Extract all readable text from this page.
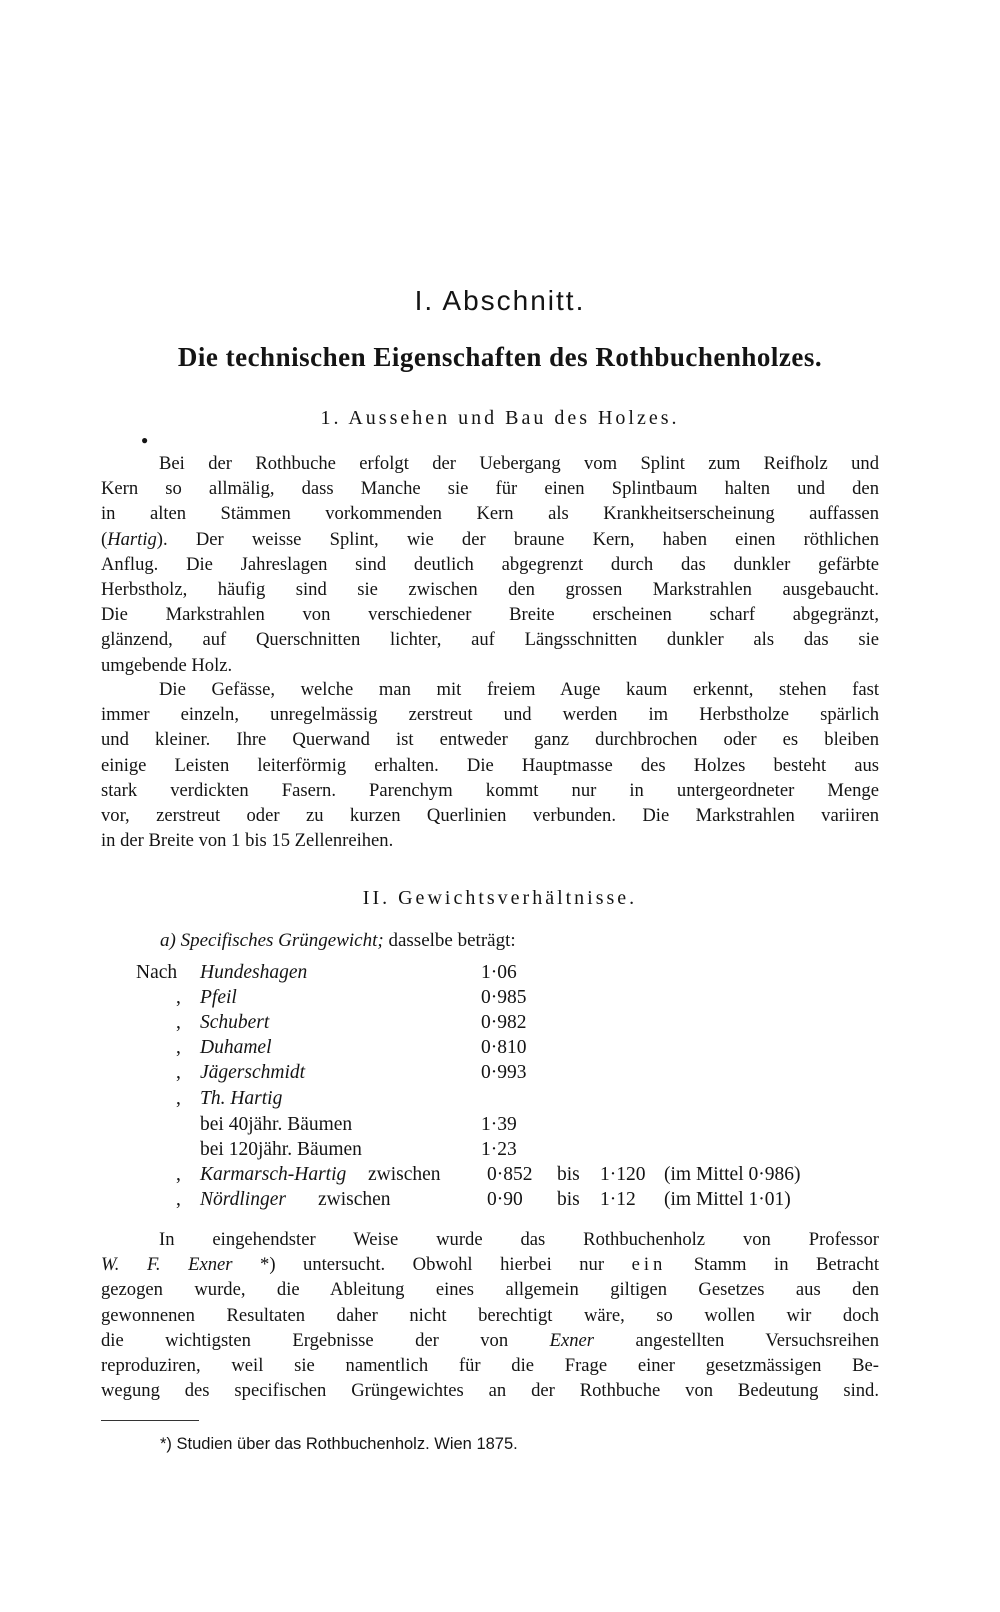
I. Abschnitt.
Die technischen Eigenschaften des Rothbuchenholzes.
1. Aussehen und Bau des Holzes.
●
Bei der Rothbuche erfolgt der Uebergang vom Splint zum Reifholz und
Kern so allmälig, dass Manche sie für einen Splintbaum halten und den
in alten Stämmen vorkommenden Kern als Krankheitserscheinung auffassen
(Hartig). Der weisse Splint, wie der braune Kern, haben einen röthlichen
Anflug. Die Jahreslagen sind deutlich abgegrenzt durch das dunkler gefärbte
Herbstholz, häufig sind sie zwischen den grossen Markstrahlen ausgebaucht.
Die Markstrahlen von verschiedener Breite erscheinen scharf abgegränzt,
glänzend, auf Querschnitten lichter, auf Längsschnitten dunkler als das sie
umgebende Holz.
Die Gefässe, welche man mit freiem Auge kaum erkennt, stehen fast
immer einzeln, unregelmässig zerstreut und werden im Herbstholze spärlich
und kleiner. Ihre Querwand ist entweder ganz durchbrochen oder es bleiben
einige Leisten leiterförmig erhalten. Die Hauptmasse des Holzes besteht aus
stark verdickten Fasern. Parenchym kommt nur in untergeordneter Menge
vor, zerstreut oder zu kurzen Querlinien verbunden. Die Markstrahlen variiren
in der Breite von 1 bis 15 Zellenreihen.
II. Gewichtsverhältnisse.
a) Specifisches Grüngewicht; dasselbe beträgt:
Nach Hundeshagen	1·06
, Pfeil	0·985
, Schubert	0·982
, Duhamel	0·810
, Jägerschmidt	0·993
, Th. Hartig
bei 40jähr. Bäumen	1·39
bei 120jähr. Bäumen	1·23
, Karmarsch-Hartig zwischen 0·852 bis 1·120 (im Mittel 0·986)
, Nördlinger zwischen	0·90 bis 1·12 (im Mittel 1·01)
In eingehendster Weise wurde das Rothbuchenholz von Professor
W. F. Exner *) untersucht. Obwohl hierbei nur ein Stamm in Betracht
gezogen wurde, die Ableitung eines allgemein giltigen Gesetzes aus den
gewonnenen Resultaten daher nicht berechtigt wäre, so wollen wir doch
die wichtigsten Ergebnisse der von Exner angestellten Versuchsreihen
reproduziren, weil sie namentlich für die Frage einer gesetzmässigen Be-
wegung des specifischen Grüngewichtes an der Rothbuche von Bedeutung sind.
*) Studien über das Rothbuchenholz. Wien 1875.
